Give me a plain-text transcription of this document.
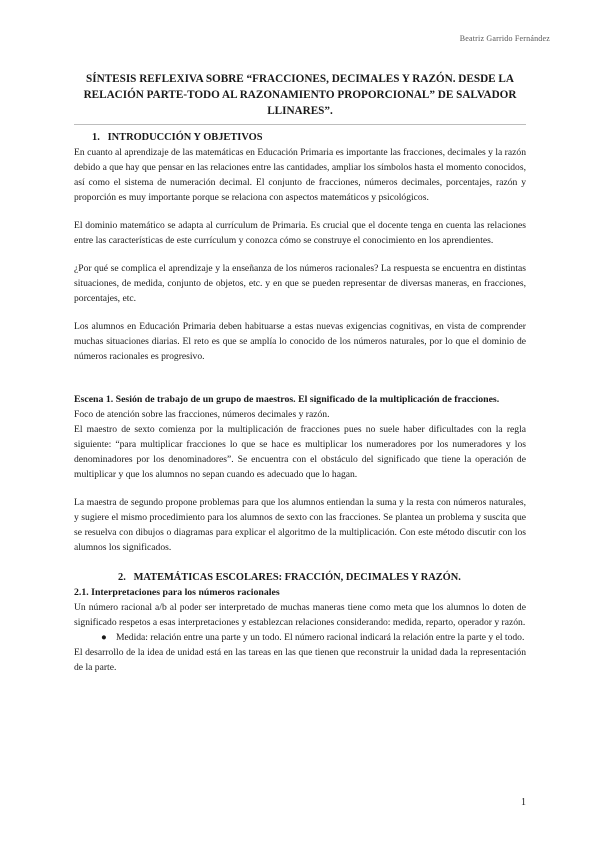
Beatriz Garrido Fernández
SÍNTESIS REFLEXIVA SOBRE “FRACCIONES, DECIMALES Y RAZÓN. DESDE LA RELACIÓN PARTE-TODO AL RAZONAMIENTO PROPORCIONAL” DE SALVADOR LLINARES”.
1. INTRODUCCIÓN Y OBJETIVOS

En cuanto al aprendizaje de las matemáticas en Educación Primaria es importante las fracciones, decimales y la razón debido a que hay que pensar en las relaciones entre las cantidades, ampliar los símbolos hasta el momento conocidos, así como el sistema de numeración decimal. El conjunto de fracciones, números decimales, porcentajes, razón y proporción es muy importante porque se relaciona con aspectos matemáticos y psicológicos.

El dominio matemático se adapta al currículum de Primaria. Es crucial que el docente tenga en cuenta las relaciones entre las características de este currículum y conozca cómo se construye el conocimiento en los aprendientes.

¿Por qué se complica el aprendizaje y la enseñanza de los números racionales? La respuesta se encuentra en distintas situaciones, de medida, conjunto de objetos, etc. y en que se pueden representar de diversas maneras, en fracciones, porcentajes, etc.

Los alumnos en Educación Primaria deben habituarse a estas nuevas exigencias cognitivas, en vista de comprender muchas situaciones diarias. El reto es que se amplía lo conocido de los números naturales, por lo que el dominio de números racionales es progresivo.

Escena 1. Sesión de trabajo de un grupo de maestros. El significado de la multiplicación de fracciones.

Foco de atención sobre las fracciones, números decimales y razón.

El maestro de sexto comienza por la multiplicación de fracciones pues no suele haber dificultades con la regla siguiente: “para multiplicar fracciones lo que se hace es multiplicar los numeradores por los numeradores y los denominadores por los denominadores”. Se encuentra con el obstáculo del significado que tiene la operación de multiplicar y que los alumnos no sepan cuando es adecuado que lo hagan.

La maestra de segundo propone problemas para que los alumnos entiendan la suma y la resta con números naturales, y sugiere el mismo procedimiento para los alumnos de sexto con las fracciones. Se plantea un problema y suscita que se resuelva con dibujos o diagramas para explicar el algoritmo de la multiplicación. Con este método discutir con los alumnos los significados.

2. MATEMÁTICAS ESCOLARES: FRACCIÓN, DECIMALES Y RAZÓN.
2.1. Interpretaciones para los números racionales

Un número racional a/b al poder ser interpretado de muchas maneras tiene como meta que los alumnos lo doten de significado respetos a esas interpretaciones y establezcan relaciones considerando: medida, reparto, operador y razón.

● Medida: relación entre una parte y un todo. El número racional indicará la relación entre la parte y el todo.

El desarrollo de la idea de unidad está en las tareas en las que tienen que reconstruir la unidad dada la representación de la parte.

1
